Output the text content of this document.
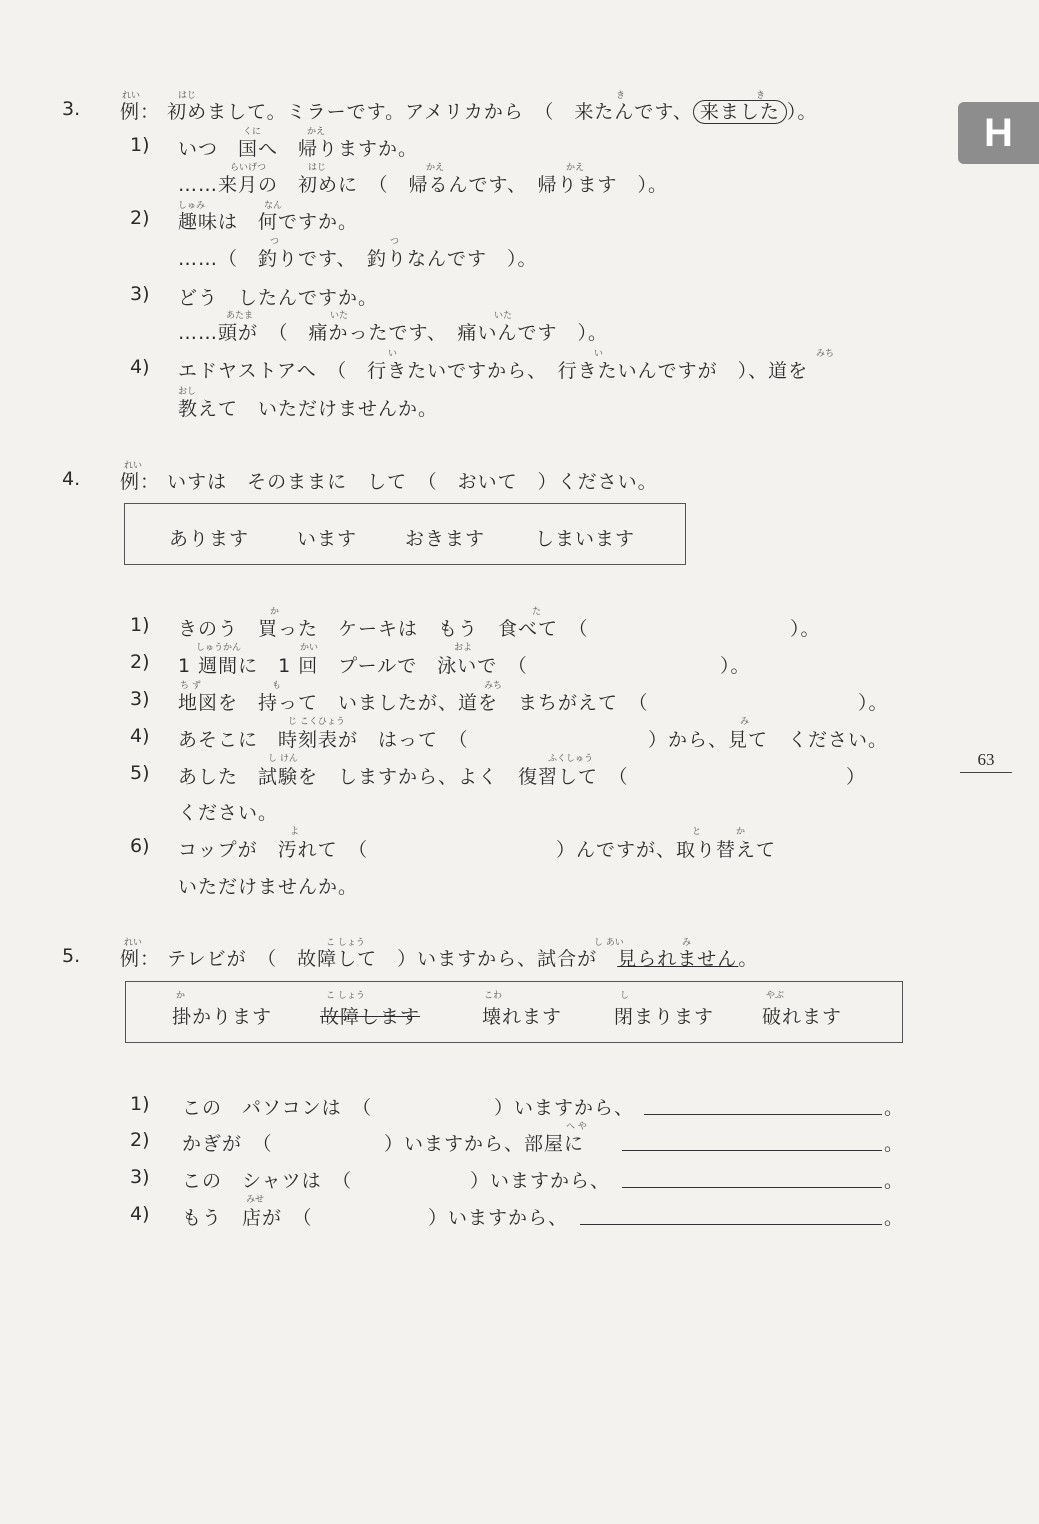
H
63
3.
れい	はじ	き	き
例： 初めまして。ミラーです。アメリカから　（　来たんです、 来ました ）。
くに	かえ
1) いつ　国へ　帰りますか。
らいげつ	はじ	かえ	かえ
……来月の　初めに　（　帰るんです、　帰ります　）。
しゅみ	なん
2) 趣味は　何ですか。
つ	つ
……（　釣りです、　釣りなんです　）。
3) どう　したんですか。
あたま	いた	いた
……頭が　（　痛かったです、　痛いんです　）。
い	い	みち
4) エドヤストアへ　（　行きたいですから、　行きたいんですが　）、道を
おし
教えて　いただけませんか。
れい
4. 例： いすは　そのままに　して　（　おいて　）ください。
あります	います	おきます	しまいます
か	た
1) きのう　買った　ケーキは　もう　食べて　（	）。
しゅうかん	かい	およ
2) 1 週間に　1 回　プールで　泳いで　（	）。
ち ず	も	みち
3) 地図を　持って　いましたが、道を　まちがえて　（	）。
じ こくひょう	み
4) あそこに　時刻表が　はって　（	）から、見て　ください。
し けん	ふくしゅう
5) あした　試験を　しますから、よく　復習して　（	）
ください。
よ	と	か
6) コップが　汚れて　（	）んですが、取り替えて
いただけませんか。
れい	こ しょう	し あい	み
5. 例： テレビが　（　故障して　）いますから、試合が　見られません。
か	こ しょう	こわ	し	やぶ
掛かります	故障します	壊れます	閉まります	破れます
1) この　パソコンは　（	）いますから、	。
へ や
2) かぎが　（	）いますから、部屋に	。
3) この　シャツは　（	）いますから、	。
みせ
4) もう　店が　（	）いますから、	。
